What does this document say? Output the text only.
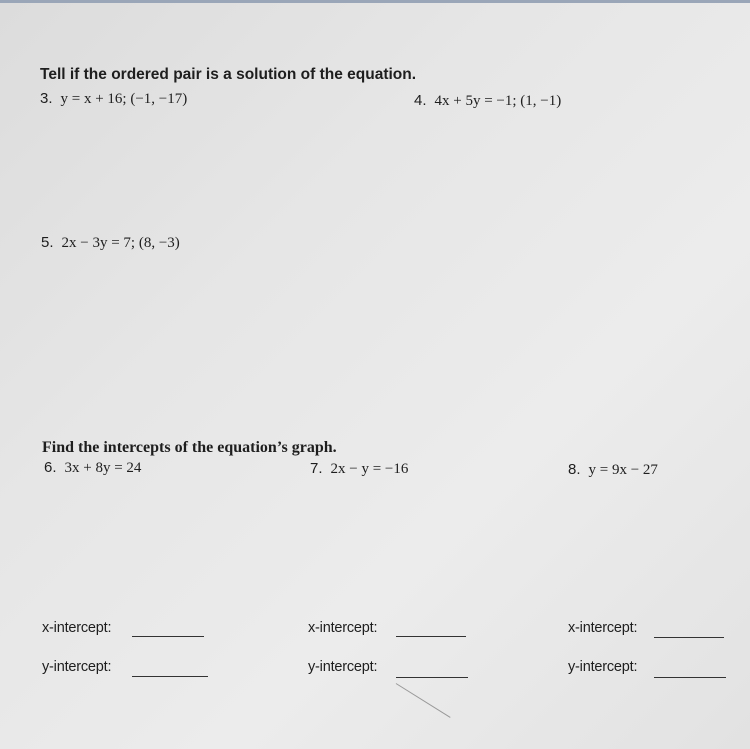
Tell if the ordered pair is a solution of the equation.
3. y = x + 16; (−1, −17)	4. 4x + 5y = −1; (1, −1)
5. 2x − 3y = 7; (8, −3)
Find the intercepts of the equation’s graph.
6. 3x + 8y = 24	7. 2x − y = −16	8. y = 9x − 27
x-intercept:
y-intercept:
x-intercept:
y-intercept:
x-intercept:
y-intercept:
